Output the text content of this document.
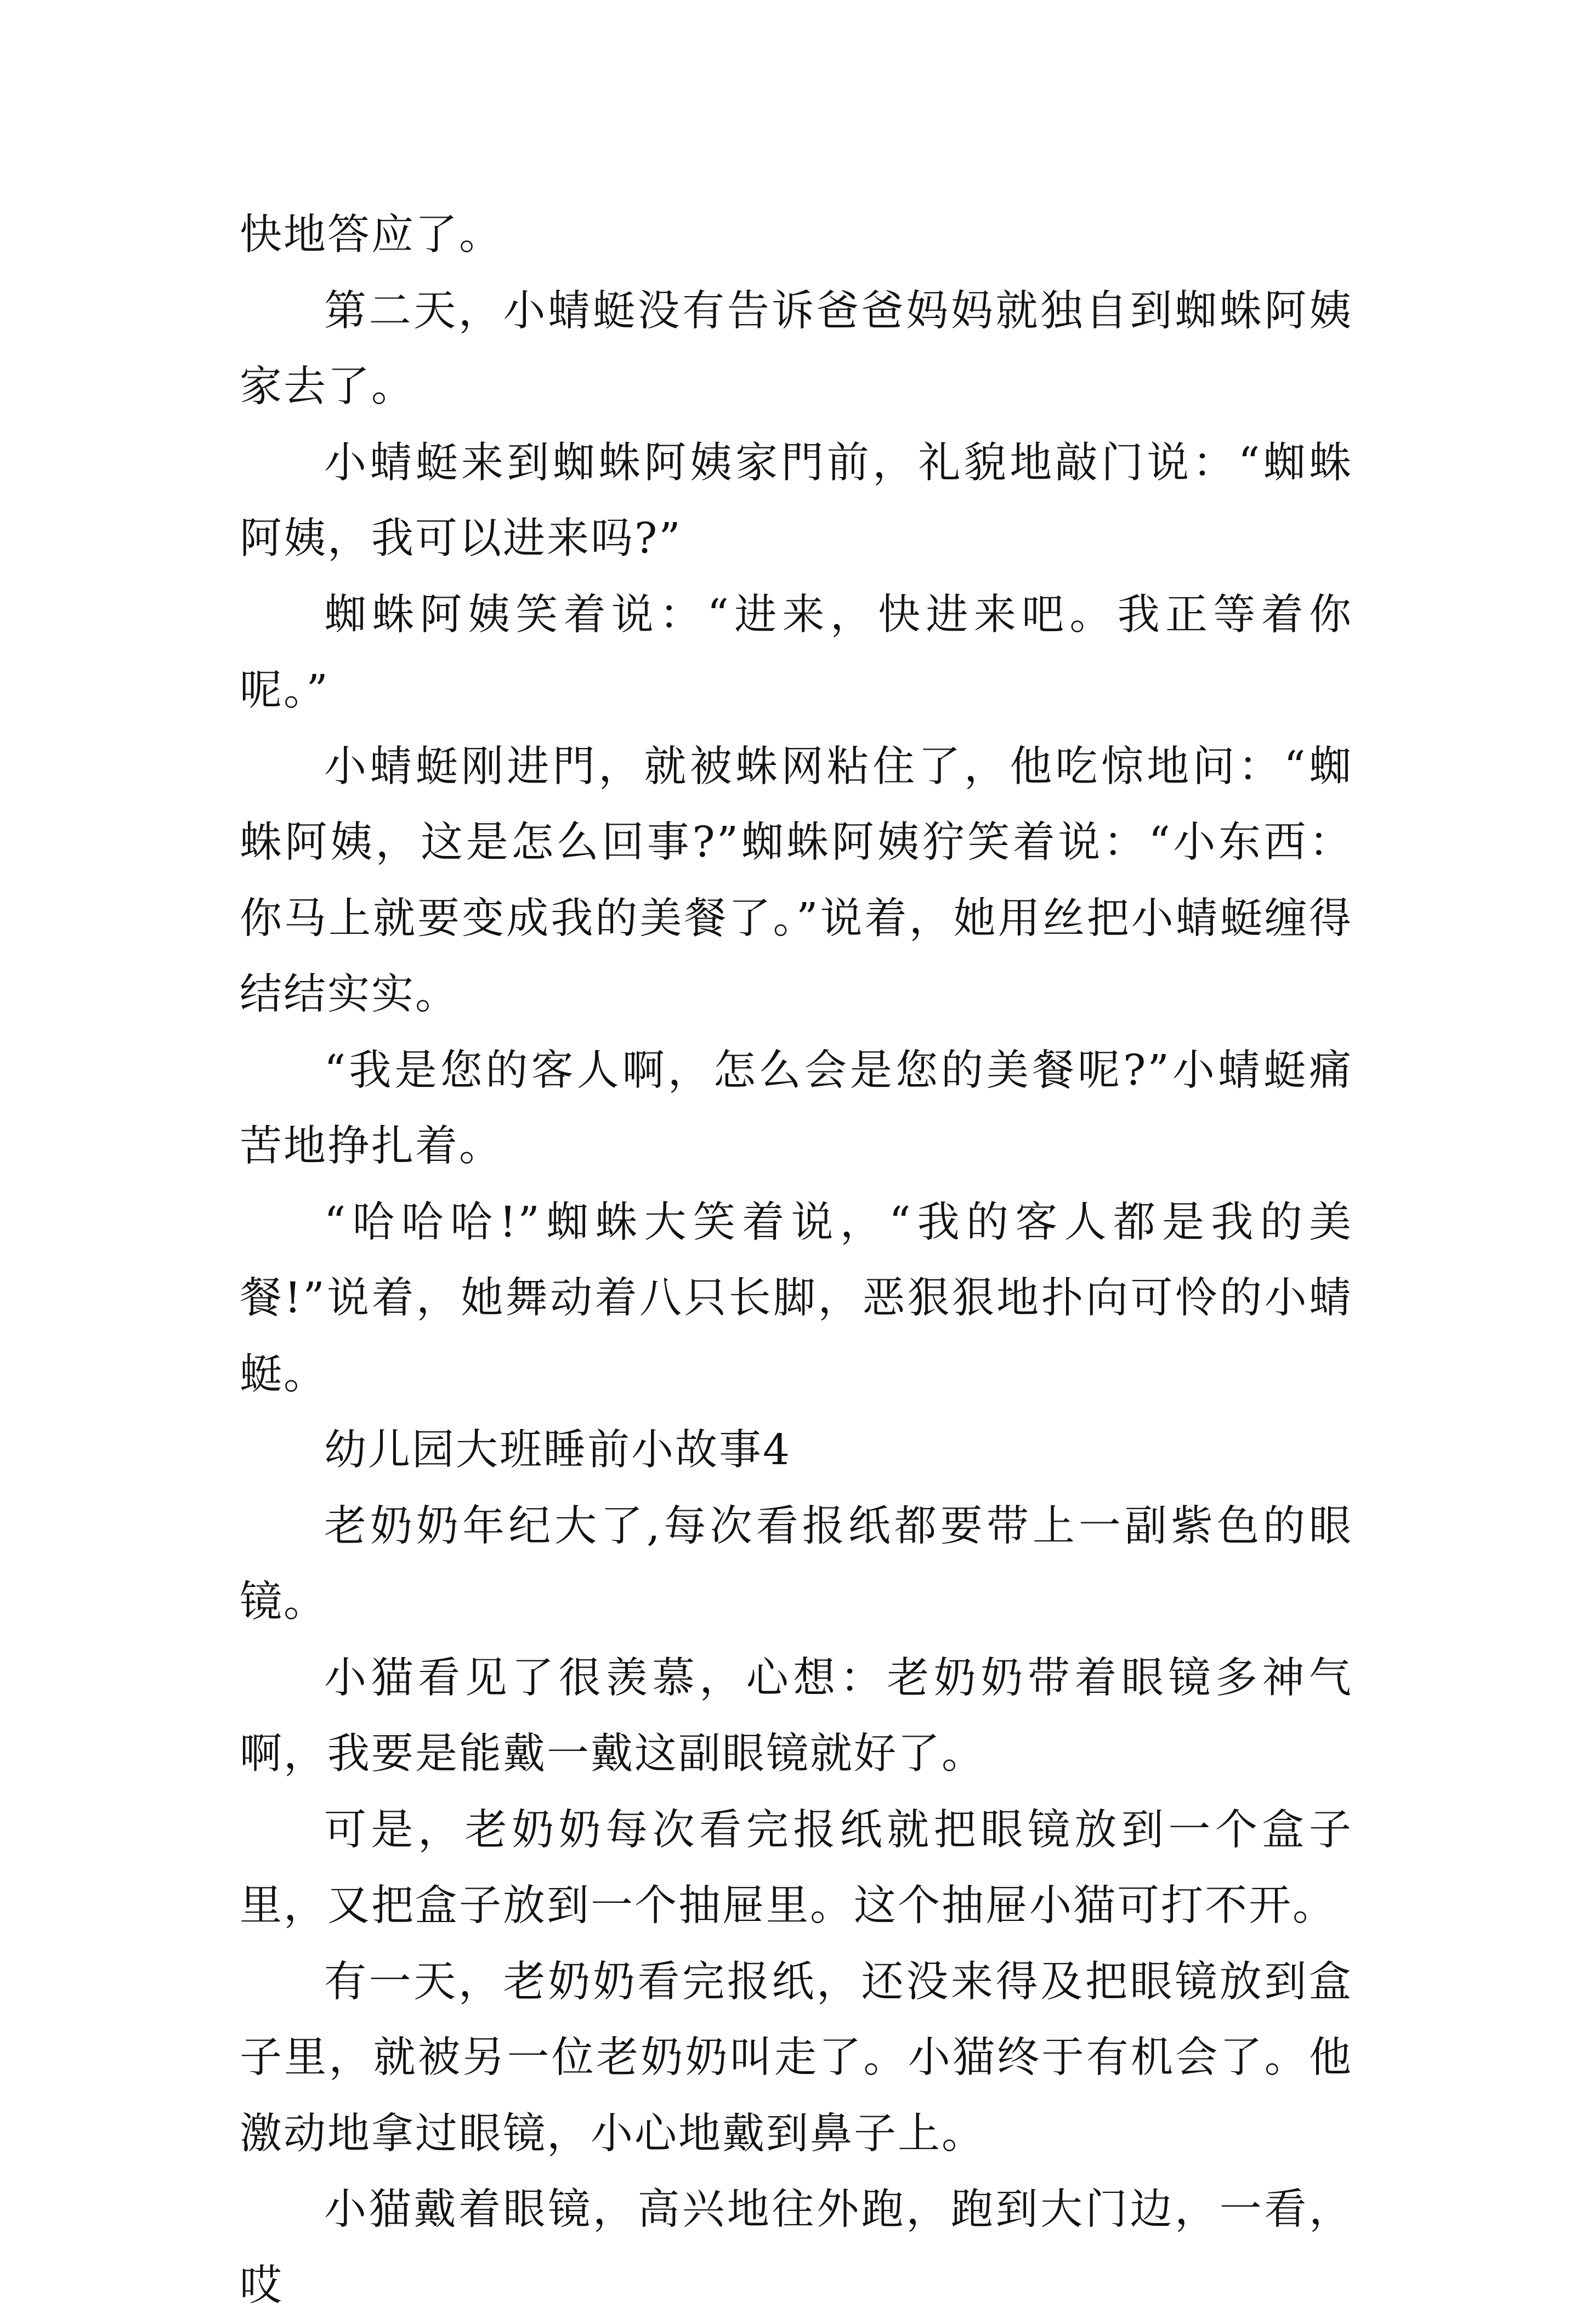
快地答应了。

第二天，小蜻蜓没有告诉爸爸妈妈就独自到蜘蛛阿姨家去了。

小蜻蜓来到蜘蛛阿姨家門前，礼貌地敲门说：“蜘蛛阿姨，我可以进来吗?”

蜘蛛阿姨笑着说：“进来，快进来吧。我正等着你呢。”

小蜻蜓刚进門，就被蛛网粘住了，他吃惊地问：“蜘蛛阿姨，这是怎么回事?”蜘蛛阿姨狞笑着说：“小东西：你马上就要变成我的美餐了。”说着，她用丝把小蜻蜓缠得结结实实。

“我是您的客人啊，怎么会是您的美餐呢?”小蜻蜓痛苦地挣扎着。

“哈哈哈!”蜘蛛大笑着说，“我的客人都是我的美餐!”说着，她舞动着八只长脚，恶狠狠地扑向可怜的小蜻蜓。

幼儿园大班睡前小故事4

老奶奶年纪大了,每次看报纸都要带上一副紫色的眼镜。

小猫看见了很羡慕，心想：老奶奶带着眼镜多神气啊，我要是能戴一戴这副眼镜就好了。

可是，老奶奶每次看完报纸就把眼镜放到一个盒子里，又把盒子放到一个抽屉里。这个抽屉小猫可打不开。

有一天，老奶奶看完报纸，还没来得及把眼镜放到盒子里，就被另一位老奶奶叫走了。小猫终于有机会了。他激动地拿过眼镜，小心地戴到鼻子上。

小猫戴着眼镜，高兴地往外跑，跑到大门边，一看，哎
